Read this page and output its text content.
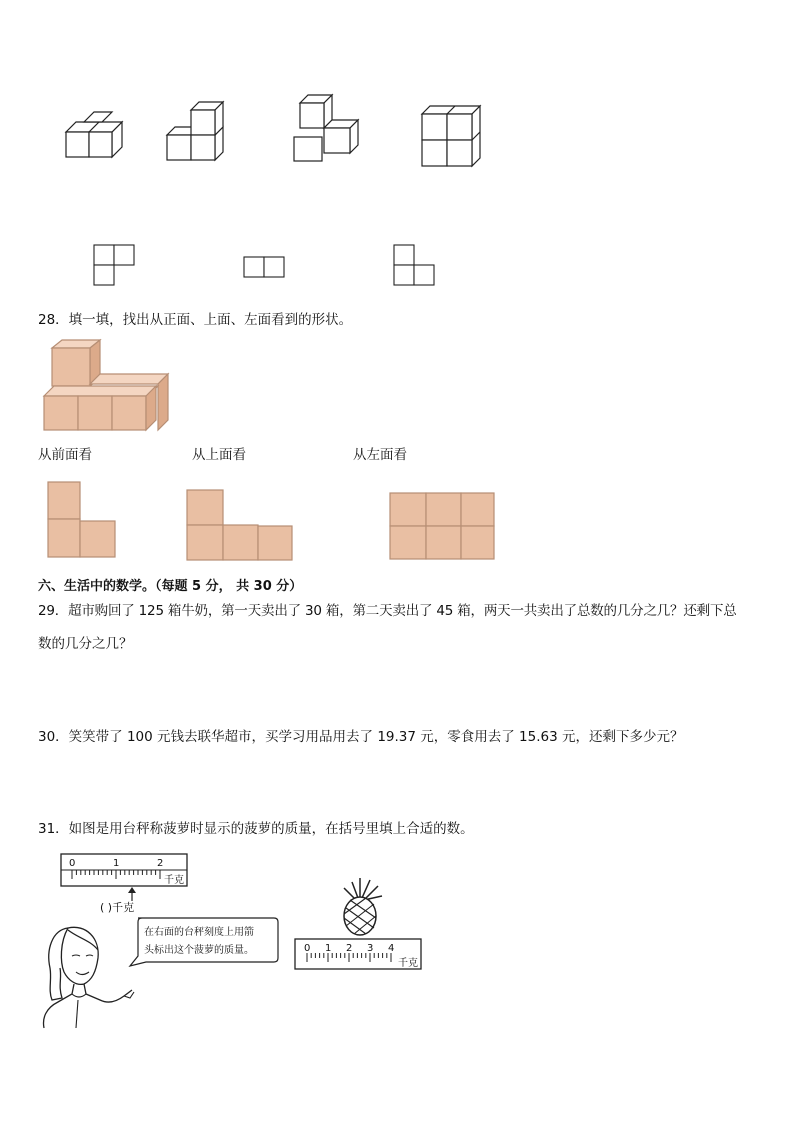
28．填一填，找出从正面、上面、左面看到的形状。
从前面看	从上面看	从左面看
六、生活中的数学。（每题 5 分， 共 30 分）
29．超市购回了 125 箱牛奶，第一天卖出了 30 箱，第二天卖出了 45 箱，两天一共卖出了总数的几分之几？还剩下总
数的几分之几？
30．笑笑带了 100 元钱去联华超市，买学习用品用去了 19.37 元，零食用去了 15.63 元，还剩下多少元？
31．如图是用台秤称菠萝时显示的菠萝的质量，在括号里填上合适的数。
0	1	2
千克
( )千克
在右面的台秤刻度上用箭
头标出这个菠萝的质量。	0 1 2 3 4
千克
